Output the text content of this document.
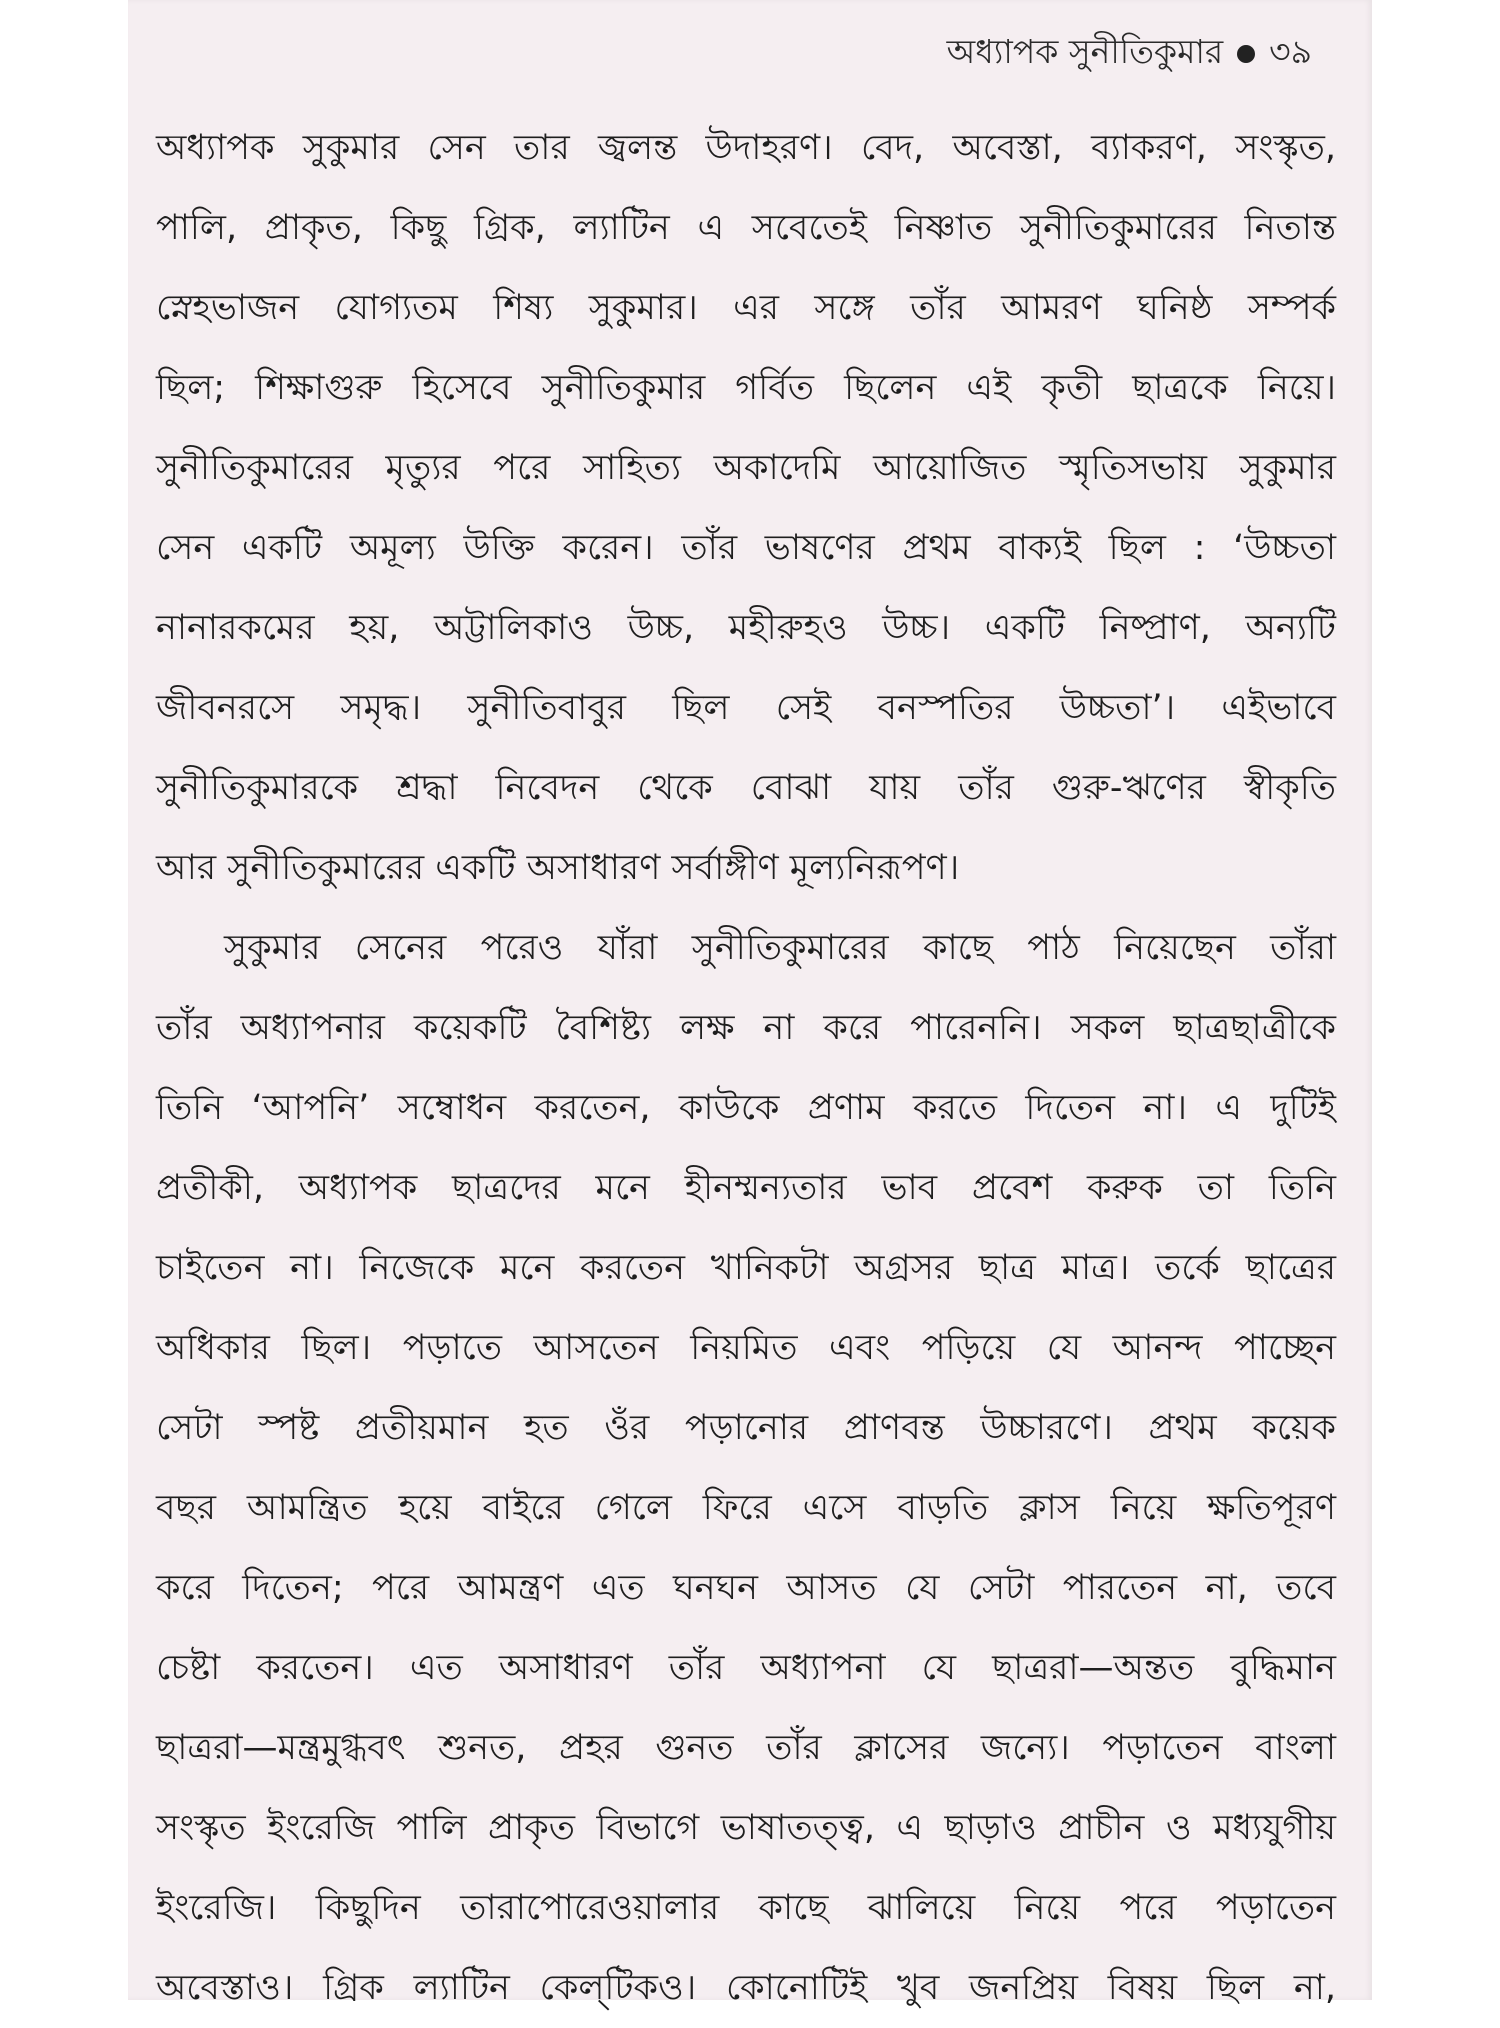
অধ্যাপক সুনীতিকুমার ৩৯
অধ্যাপক সুকুমার সেন তার জ্বলন্ত উদাহরণ। বেদ, অবেস্তা, ব্যাকরণ, সংস্কৃত,
পালি, প্রাকৃত, কিছু গ্রিক, ল্যাটিন এ সবেতেই নিষ্ণাত সুনীতিকুমারের নিতান্ত
স্নেহভাজন যোগ্যতম শিষ্য সুকুমার। এর সঙ্গে তাঁর আমরণ ঘনিষ্ঠ সম্পর্ক
ছিল; শিক্ষাগুরু হিসেবে সুনীতিকুমার গর্বিত ছিলেন এই কৃতী ছাত্রকে নিয়ে।
সুনীতিকুমারের মৃত্যুর পরে সাহিত্য অকাদেমি আয়োজিত স্মৃতিসভায় সুকুমার
সেন একটি অমূল্য উক্তি করেন। তাঁর ভাষণের প্রথম বাক্যই ছিল : ‘উচ্চতা
নানারকমের হয়, অট্টালিকাও উচ্চ, মহীরুহও উচ্চ। একটি নিষ্প্রাণ, অন্যটি
জীবনরসে সমৃদ্ধ। সুনীতিবাবুর ছিল সেই বনস্পতির উচ্চতা’। এইভাবে
সুনীতিকুমারকে শ্রদ্ধা নিবেদন থেকে বোঝা যায় তাঁর গুরু-ঋণের স্বীকৃতি
আর সুনীতিকুমারের একটি অসাধারণ সর্বাঙ্গীণ মূল্যনিরূপণ।
সুকুমার সেনের পরেও যাঁরা সুনীতিকুমারের কাছে পাঠ নিয়েছেন তাঁরা
তাঁর অধ্যাপনার কয়েকটি বৈশিষ্ট্য লক্ষ না করে পারেননি। সকল ছাত্রছাত্রীকে
তিনি ‘আপনি’ সম্বোধন করতেন, কাউকে প্রণাম করতে দিতেন না। এ দুটিই
প্রতীকী, অধ্যাপক ছাত্রদের মনে হীনম্মন্যতার ভাব প্রবেশ করুক তা তিনি
চাইতেন না। নিজেকে মনে করতেন খানিকটা অগ্রসর ছাত্র মাত্র। তর্কে ছাত্রের
অধিকার ছিল। পড়াতে আসতেন নিয়মিত এবং পড়িয়ে যে আনন্দ পাচ্ছেন
সেটা স্পষ্ট প্রতীয়মান হত ওঁর পড়ানোর প্রাণবন্ত উচ্চারণে। প্রথম কয়েক
বছর আমন্ত্রিত হয়ে বাইরে গেলে ফিরে এসে বাড়তি ক্লাস নিয়ে ক্ষতিপূরণ
করে দিতেন; পরে আমন্ত্রণ এত ঘনঘন আসত যে সেটা পারতেন না, তবে
চেষ্টা করতেন। এত অসাধারণ তাঁর অধ্যাপনা যে ছাত্ররা—অন্তত বুদ্ধিমান
ছাত্ররা—মন্ত্রমুগ্ধবৎ শুনত, প্রহর গুনত তাঁর ক্লাসের জন্যে। পড়াতেন বাংলা
সংস্কৃত ইংরেজি পালি প্রাকৃত বিভাগে ভাষাতত্ত্ব, এ ছাড়াও প্রাচীন ও মধ্যযুগীয়
ইংরেজি। কিছুদিন তারাপোরেওয়ালার কাছে ঝালিয়ে নিয়ে পরে পড়াতেন
অবেস্তাও। গ্রিক ল্যাটিন কেল্‌টিকও। কোনোটিই খুব জনপ্রিয় বিষয় ছিল না,
